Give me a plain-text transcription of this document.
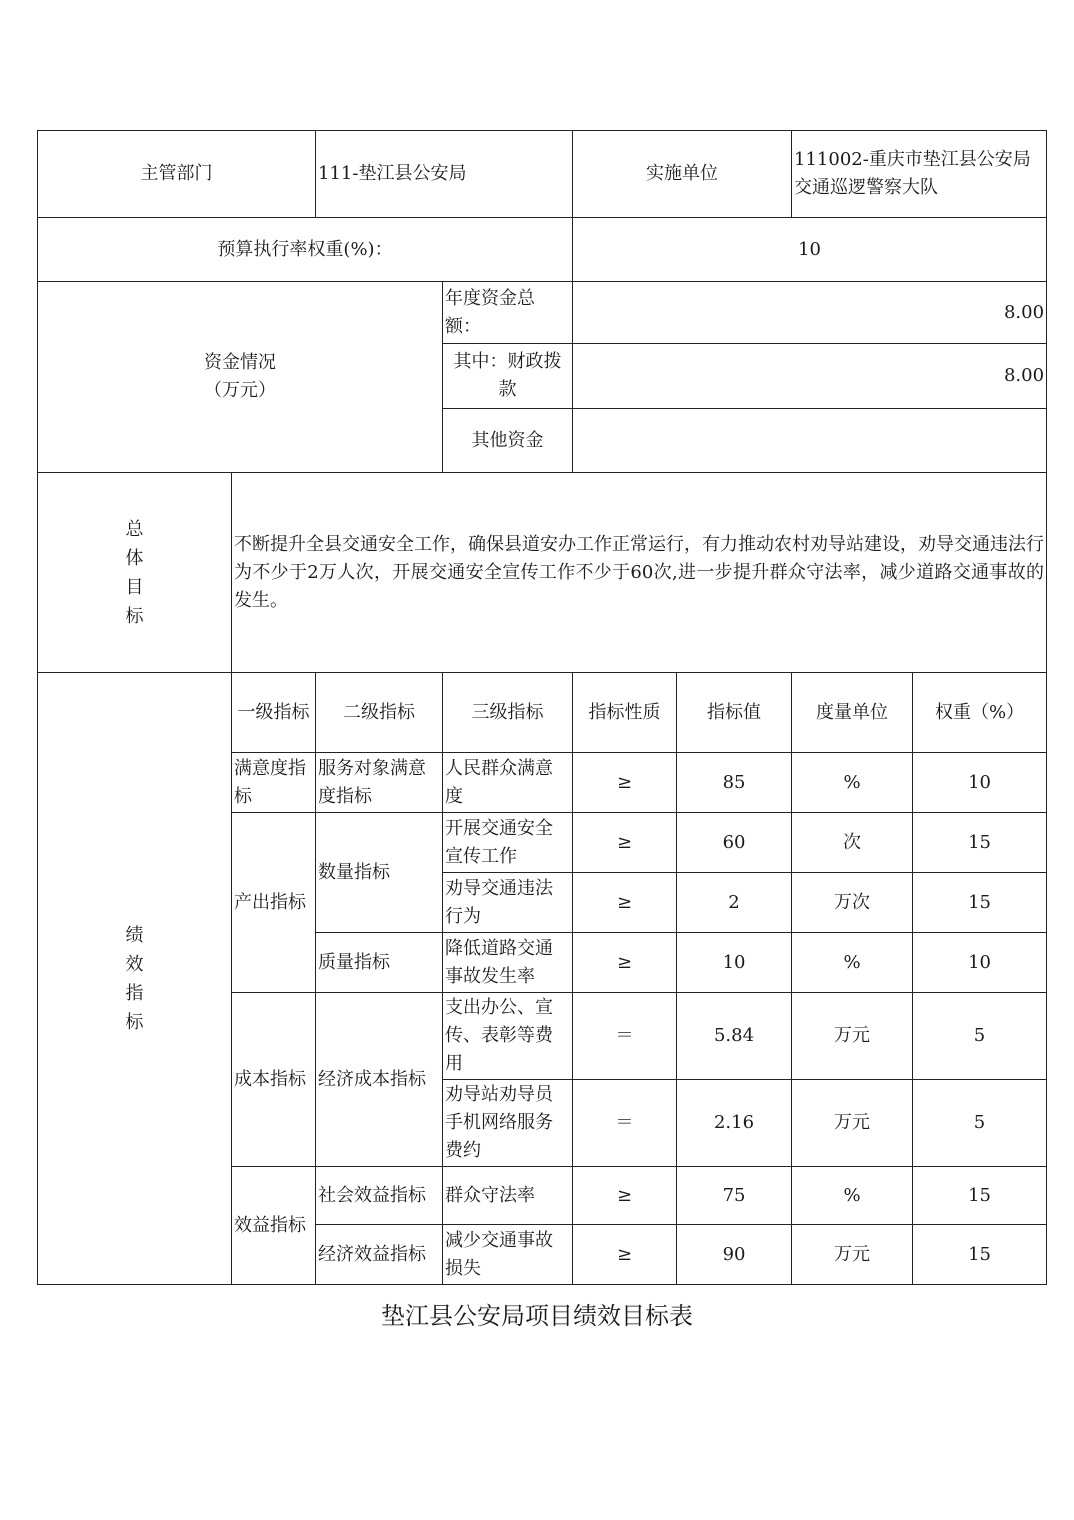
主管部门		111-垫江县公安局		实施单位		111002-重庆市垫江县公安局交通巡逻警察大队	
预算执行率权重(%)：				10			

资金情况
（万元）			年度资金总额：	8.00			
			其中：财政拨款	8.00			
			其他资金				

总
体
目
标	不断提升全县交通安全工作，确保县道安办工作正常运行，有力推动农村劝导站建设，劝导交通违法行为不少于2万人次，开展交通安全宣传工作不少于60次,进一步提升群众守法率，减少道路交通事故的发生。						

绩
效
指
标	一级指标	二级指标	三级指标	指标性质	指标值	度量单位	权重（%）
	满意度指标	服务对象满意度指标	人民群众满意度	≥	85	%	10
	产出指标	数量指标	开展交通安全宣传工作	≥	60	次	15
			劝导交通违法行为	≥	2	万次	15
		质量指标	降低道路交通事故发生率	≥	10	%	10
	成本指标	经济成本指标	支出办公、宣传、表彰等费用	＝	5.84	万元	5
			劝导站劝导员手机网络服务费约	＝	2.16	万元	5
	效益指标	社会效益指标	群众守法率	≥	75	%	15
		经济效益指标	减少交通事故损失	≥	90	万元	15
垫江县公安局项目绩效目标表
